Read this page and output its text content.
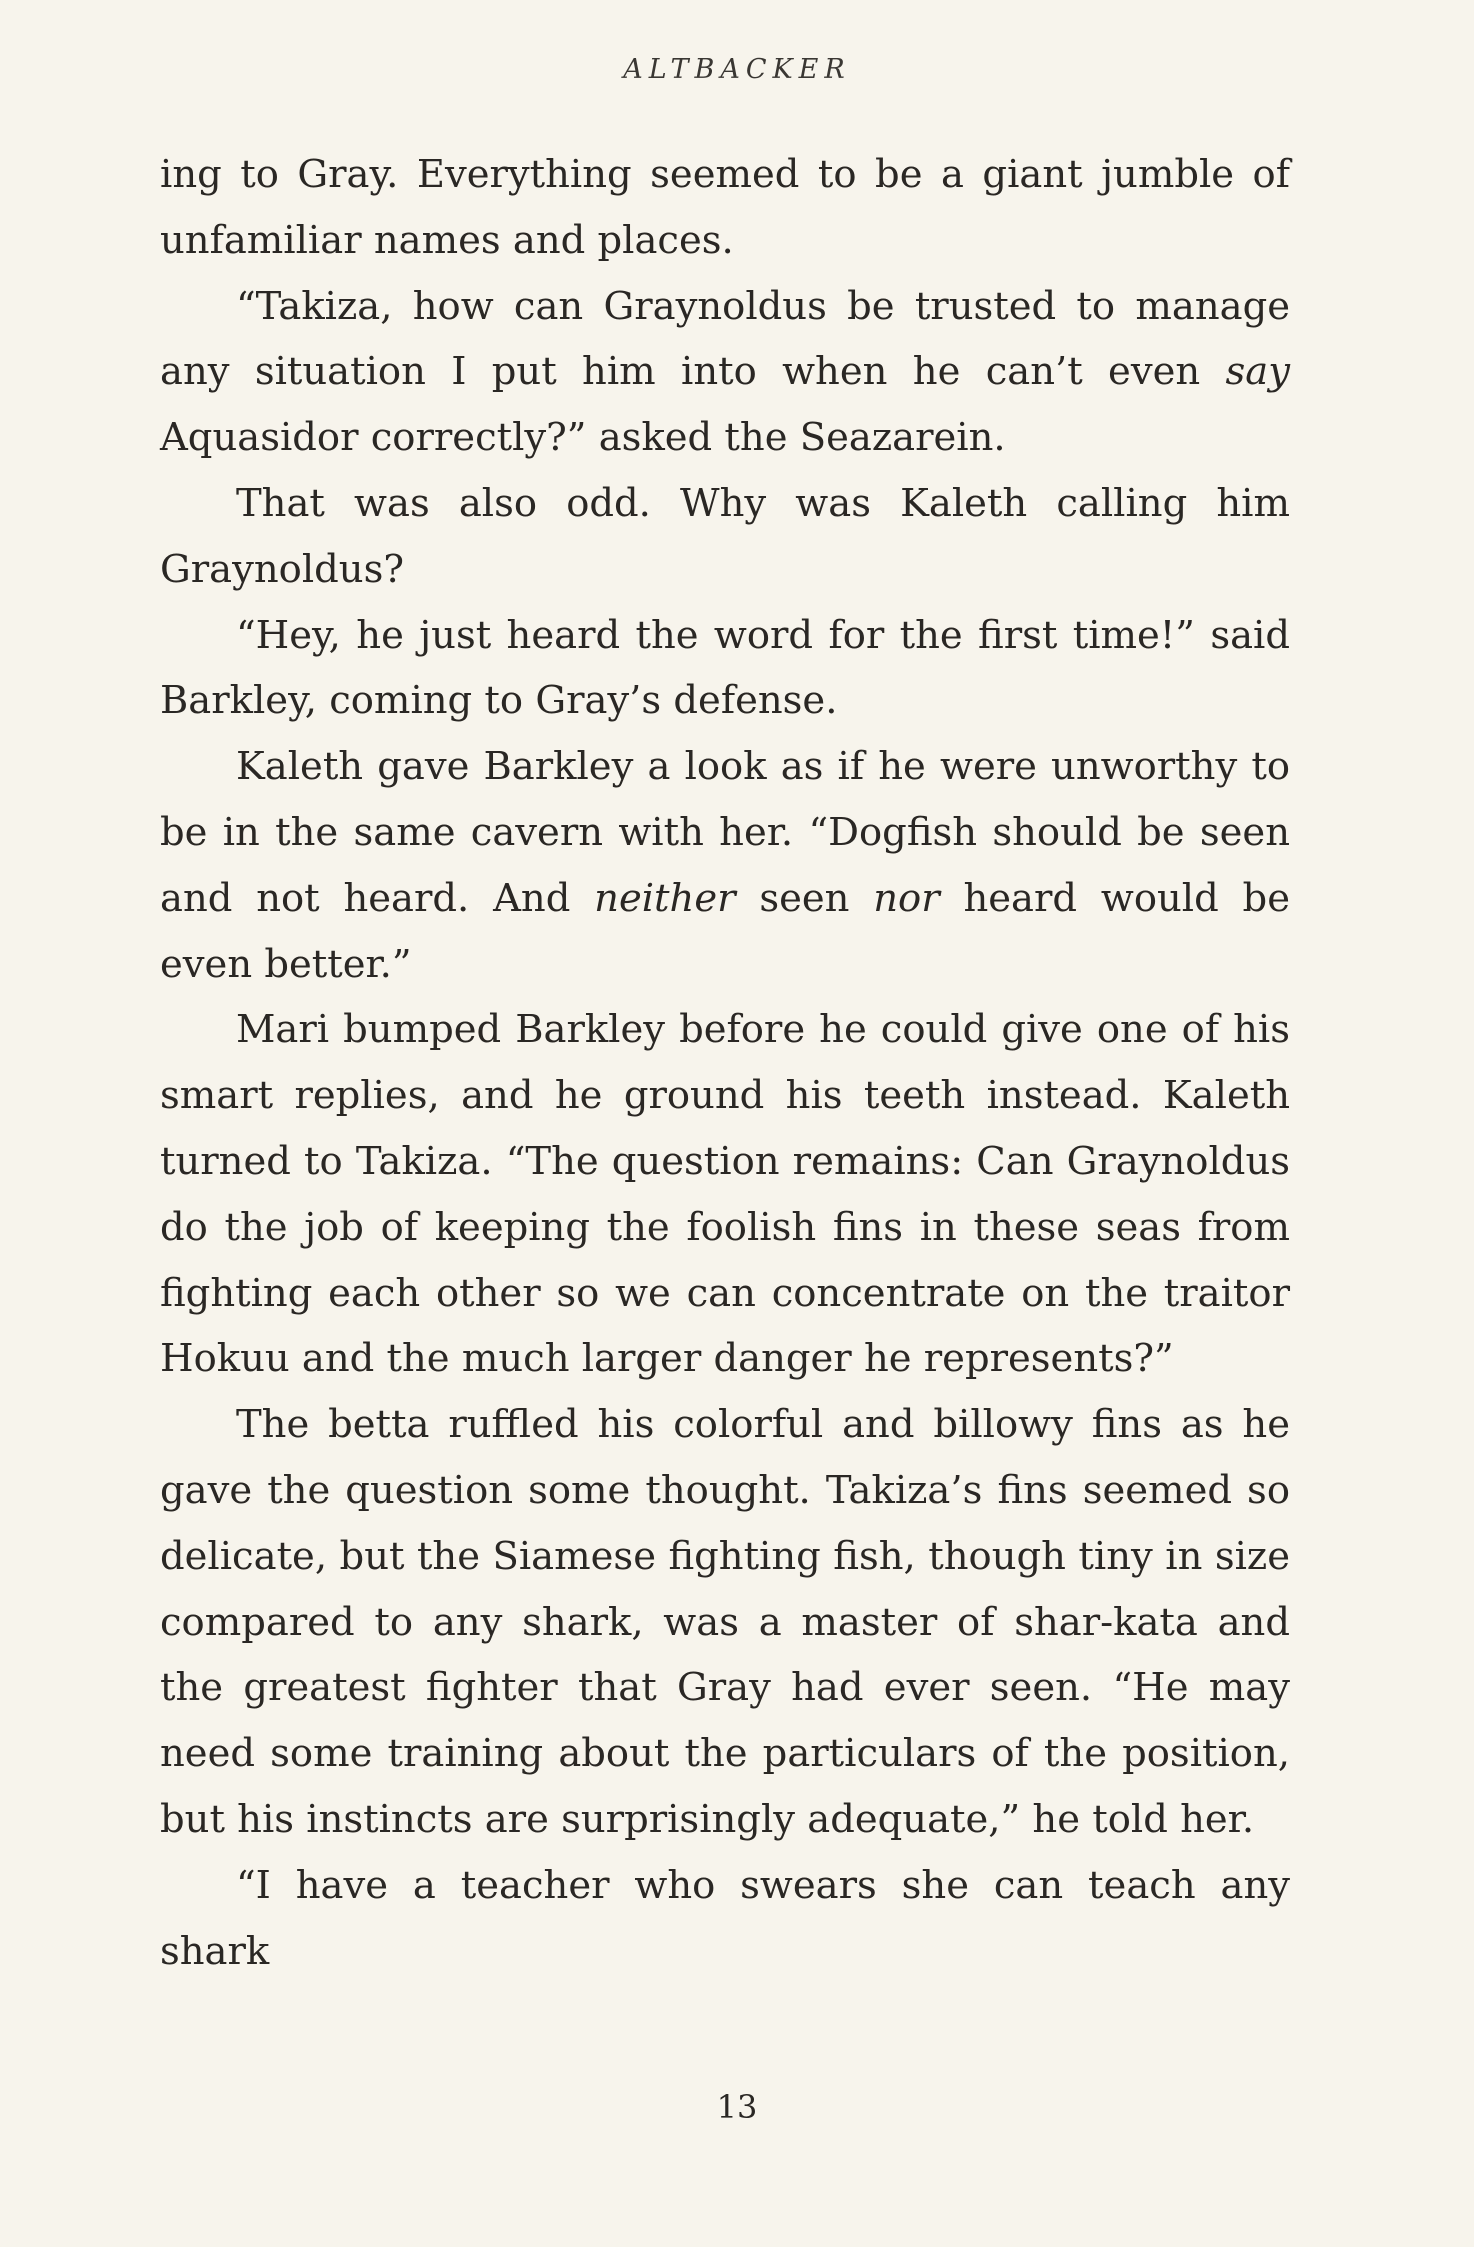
ALTBACKER

ing to Gray. Everything seemed to be a giant jumble of unfamiliar names and places.

“Takiza, how can Graynoldus be trusted to manage any situation I put him into when he can’t even say Aquasidor correctly?” asked the Seazarein.

That was also odd. Why was Kaleth calling him Graynoldus?

“Hey, he just heard the word for the first time!” said Barkley, coming to Gray’s defense.

Kaleth gave Barkley a look as if he were unworthy to be in the same cavern with her. “Dogfish should be seen and not heard. And neither seen nor heard would be even better.”

Mari bumped Barkley before he could give one of his smart replies, and he ground his teeth instead. Kaleth turned to Takiza. “The question remains: Can Graynoldus do the job of keeping the foolish fins in these seas from fighting each other so we can concentrate on the traitor Hokuu and the much larger danger he represents?”

The betta ruffled his colorful and billowy fins as he gave the question some thought. Takiza’s fins seemed so delicate, but the Siamese fighting fish, though tiny in size compared to any shark, was a master of shar-kata and the greatest fighter that Gray had ever seen. “He may need some training about the particulars of the position, but his instincts are surprisingly adequate,” he told her.

“I have a teacher who swears she can teach any shark

13
